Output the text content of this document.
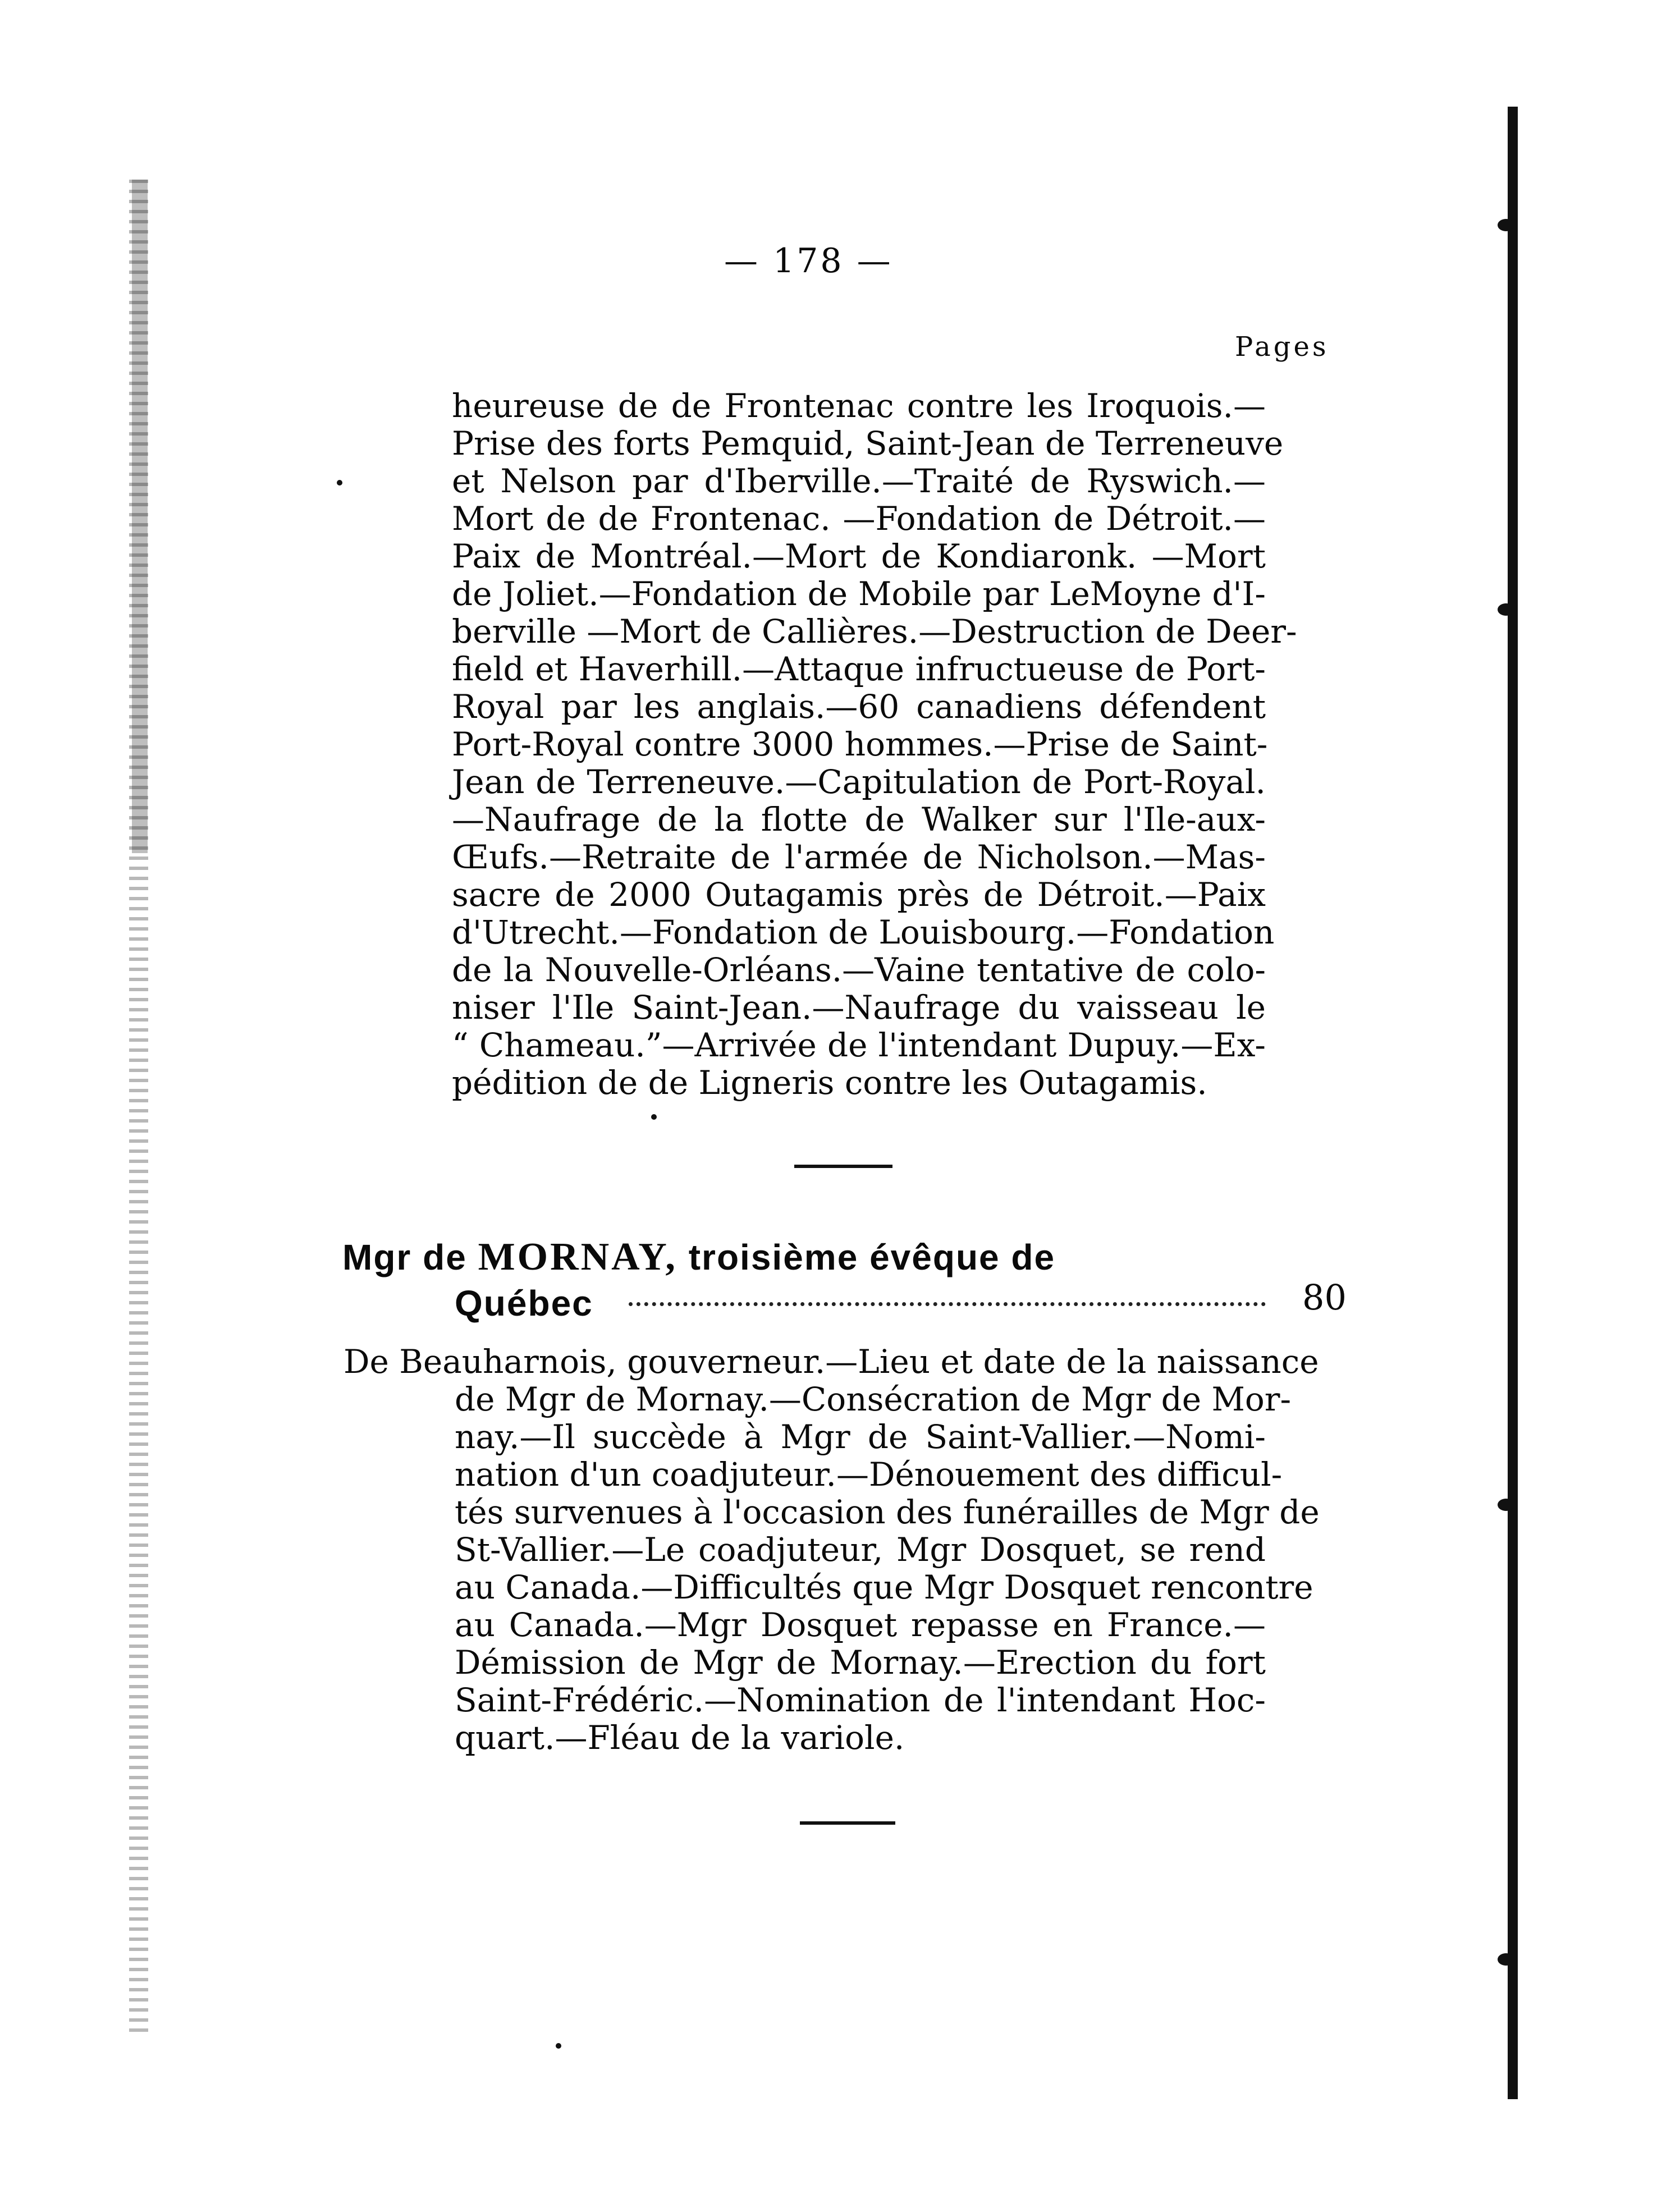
— 178 —
Pages
heureuse de de Frontenac contre les Iroquois.—
Prise des forts Pemquid, Saint-Jean de Terreneuve
et Nelson par d'Iberville.—Traité de Ryswich.—
Mort de de Frontenac. —Fondation de Détroit.—
Paix de Montréal.—Mort de Kondiaronk. —Mort
de Joliet.—Fondation de Mobile par LeMoyne d'I-
berville —Mort de Callières.—Destruction de Deer-
field et Haverhill.—Attaque infructueuse de Port-
Royal par les anglais.—60 canadiens défendent
Port-Royal contre 3000 hommes.—Prise de Saint-
Jean de Terreneuve.—Capitulation de Port-Royal.
—Naufrage de la flotte de Walker sur l'Ile-aux-
Œufs.—Retraite de l'armée de Nicholson.—Mas-
sacre de 2000 Outagamis près de Détroit.—Paix
d'Utrecht.—Fondation de Louisbourg.—Fondation
de la Nouvelle-Orléans.—Vaine tentative de colo-
niser l'Ile Saint-Jean.—Naufrage du vaisseau le
“ Chameau.”—Arrivée de l'intendant Dupuy.—Ex-
pédition de de Ligneris contre les Outagamis.
Mgr de MORNAY, troisième évêque de
Québec	80
De Beauharnois, gouverneur.—Lieu et date de la naissance
de Mgr de Mornay.—Consécration de Mgr de Mor-
nay.—Il succède à Mgr de Saint-Vallier.—Nomi-
nation d'un coadjuteur.—Dénouement des difficul-
tés survenues à l'occasion des funérailles de Mgr de
St-Vallier.—Le coadjuteur, Mgr Dosquet, se rend
au Canada.—Difficultés que Mgr Dosquet rencontre
au Canada.—Mgr Dosquet repasse en France.—
Démission de Mgr de Mornay.—Erection du fort
Saint-Frédéric.—Nomination de l'intendant Hoc-
quart.—Fléau de la variole.
